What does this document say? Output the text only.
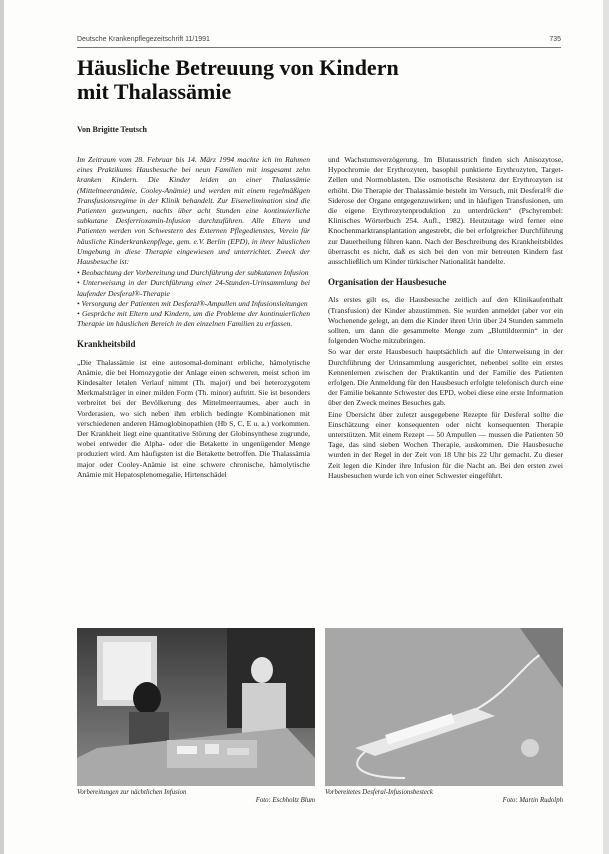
Deutsche Krankenpflegezeitschrift 11/1991	735
Häusliche Betreuung von Kindern
mit Thalassämie
Von Brigitte Teutsch

Im Zeitraum vom 28. Februar bis 14. März 1994 machte ich im Rahmen eines Praktikums Hausbesuche bei neun Familien mit insgesamt zehn kranken Kindern. Die Kinder leiden an einer Thalassämie (Mittelmeeranämie, Cooley-Anämie) und werden mit einem regelmäßigen Transfusionsregime in der Klinik behandelt. Zur Eisenelimination sind die Patienten gezwungen, nachts über acht Stunden eine kontinuierliche subkutane Desferrioxamin-Infusion durchzuführen. Alle Eltern und Patienten werden von Schwestern des Externen Pflegedienstes, Verein für häusliche Kinderkrankenpflege, gem. e.V. Berlin (EPD), in ihrer häuslichen Umgebung in diese Therapie eingewiesen und unterrichtet. Zweck der Hausbesuche ist:

• Beobachtung der Vorbereitung und Durchführung der subkutanen Infusion
• Unterweisung in der Durchführung einer 24-Stunden-Urinsammlung bei laufender Desferal®-Therapie
• Versorgung der Patienten mit Desferal®-Ampullen und Infusionsleitungen
• Gespräche mit Eltern und Kindern, um die Probleme der kontinuierlichen Therapie im häuslichen Bereich in den einzelnen Familien zu erfassen.
Krankheitsbild

„Die Thalassämie ist eine autosomal-dominant erbliche, hämolytische Anämie, die bei Homozygotie der Anlage einen schweren, meist schon im Kindesalter letalen Verlauf nimmt (Th. major) und bei heterozygotem Merkmalsträger in einer milden Form (Th. minor) auftritt. Sie ist besonders verbreitet bei der Bevölkerung des Mittelmeerraumes, aber auch in Vorderasien, wo sich neben ihm erblich bedingte Kombinationen mit verschiedenen anderen Hämoglobinopathien (Hb S, C, E u. a.) vorkommen. Der Krankheit liegt eine quantitative Störung der Globinsynthese zugrunde, wobei entweder die Alpha- oder die Betakette in ungenügender Menge produziert wird. Am häufigsten ist die Betakette betroffen. Die Thalassämia major oder Cooley-Anämie ist eine schwere chronische, hämolytische Anämie mit Hepatosplenomegalie, Hirtenschädel

und Wachstumsverzögerung. Im Blutausstrich finden sich Anisozytose, Hypochromie der Erythrozyten, basophil punktierte Erythrozyten, Target-Zellen und Normoblasten. Die osmotische Resistenz der Erythrozyten ist erhöht. Die Therapie der Thalassämie besteht im Versuch, mit Desferal® die Siderose der Organe entgegenzuwirken; und in häufigen Transfusionen, um die eigene Erythrozytenproduktion zu unterdrücken“ (Pschyrembel: Klinisches Wörterbuch 254. Aufl., 1982). Heutzutage wird ferner eine Knochenmarktransplantation angestrebt, die bei erfolgreicher Durchführung zur Dauerheilung führen kann. Nach der Beschreibung des Krankheitsbildes überrascht es nicht, daß es sich bei den von mir betreuten Kindern fast ausschließlich um Kinder türkischer Nationalität handelte.

Organisation der Hausbesuche

Als erstes gilt es, die Hausbesuche zeitlich auf den Klinikaufenthalt (Transfusion) der Kinder abzustimmen. Sie wurden anmeldet (aber vor ein Wochenende gelegt, an dem die Kinder ihren Urin über 24 Stunden sammeln sollten, um dann die gesammelte Menge zum „Bluttildtermin“ in der folgenden Woche mitzubringen.

So war der erste Hausbesuch hauptsächlich auf die Unterweisung in der Durchführung der Urinsammlung ausgerichtet, nebenbei sollte ein erstes Kennenlernen zwischen der Praktikantin und der Familie des Patienten erfolgen. Die Anmeldung für den Hausbesuch erfolgte telefonisch durch eine der Familie bekannte Schwester des EPD, wobei diese eine erste Information über den Zweck meines Besuches gab.

Eine Übersicht über zuletzt ausgegebene Rezepte für Desferal sollte die Einschätzung einer konsequenten oder nicht konsequenten Therapie unterstützen. Mit einem Rezept — 50 Ampullen — mussen die Patienten 50 Tage, das sind sieben Wochen Therapie, auskommen. Die Hausbesuche wurden in der Regel in der Zeit von 18 Uhr bis 22 Uhr gemacht. Zu dieser Zeit legen die Kinder ihre Infusion für die Nacht an. Bei den ersten zwei Hausbesuchen wurde ich von einer Schwester eingeführt.

Vorbereitungen zur nächtlichen Infusion
Foto: Eschholtz Blum
Vorbereitetes Desferal-Infusionsbesteck
Foto: Martin Rudolph
